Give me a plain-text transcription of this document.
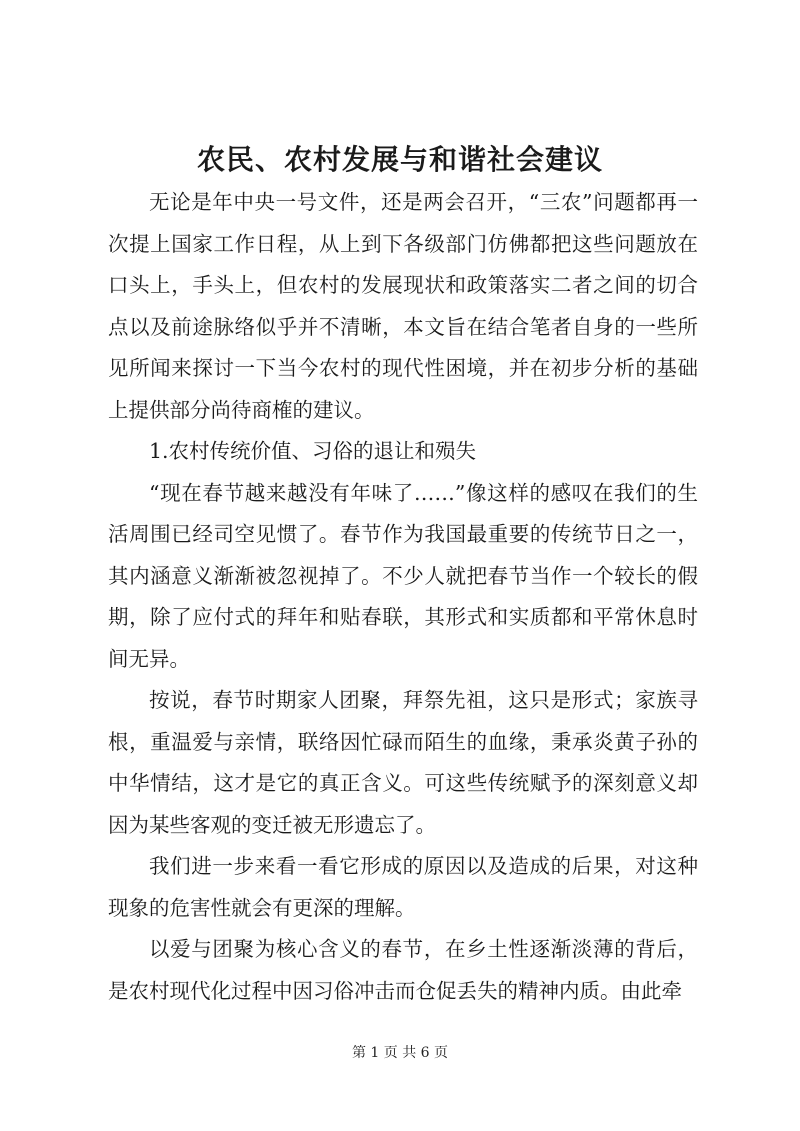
农民、农村发展与和谐社会建议

无论是年中央一号文件，还是两会召开，“三农”问题都再一次提上国家工作日程，从上到下各级部门仿佛都把这些问题放在口头上，手头上，但农村的发展现状和政策落实二者之间的切合点以及前途脉络似乎并不清晰，本文旨在结合笔者自身的一些所见所闻来探讨一下当今农村的现代性困境，并在初步分析的基础上提供部分尚待商榷的建议。

1.农村传统价值、习俗的退让和殒失

“现在春节越来越没有年味了……”像这样的感叹在我们的生活周围已经司空见惯了。春节作为我国最重要的传统节日之一，其内涵意义渐渐被忽视掉了。不少人就把春节当作一个较长的假期，除了应付式的拜年和贴春联，其形式和实质都和平常休息时间无异。

按说，春节时期家人团聚，拜祭先祖，这只是形式；家族寻根，重温爱与亲情，联络因忙碌而陌生的血缘，秉承炎黄子孙的中华情结，这才是它的真正含义。可这些传统赋予的深刻意义却因为某些客观的变迁被无形遗忘了。

我们进一步来看一看它形成的原因以及造成的后果，对这种现象的危害性就会有更深的理解。

以爱与团聚为核心含义的春节，在乡土性逐渐淡薄的背后，是农村现代化过程中因习俗冲击而仓促丢失的精神内质。由此牵

第 1 页 共 6 页
